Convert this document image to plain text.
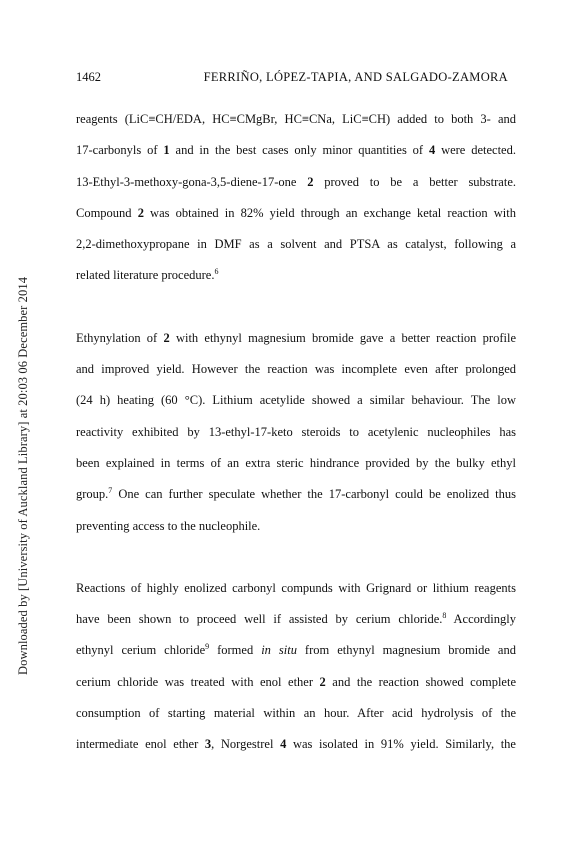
Downloaded by [University of Auckland Library] at 20:03 06 December 2014
1462	FERRIÑO, LÓPEZ-TAPIA, AND SALGADO-ZAMORA
reagents (LiC≡CH/EDA, HC≡CMgBr, HC≡CNa, LiC≡CH) added to both 3- and
17-carbonyls of 1 and in the best cases only minor quantities of 4 were detected.
13-Ethyl-3-methoxy-gona-3,5-diene-17-one 2 proved to be a better substrate.
Compound 2 was obtained in 82% yield through an exchange ketal reaction with
2,2-dimethoxypropane in DMF as a solvent and PTSA as catalyst, following a
related literature procedure.$^6$
Ethynylation of 2 with ethynyl magnesium bromide gave a better reaction profile
and improved yield. However the reaction was incomplete even after prolonged
(24 h) heating (60 °C). Lithium acetylide showed a similar behaviour. The low
reactivity exhibited by 13-ethyl-17-keto steroids to acetylenic nucleophiles has
been explained in terms of an extra steric hindrance provided by the bulky ethyl
group.$^7$ One can further speculate whether the 17-carbonyl could be enolized thus
preventing access to the nucleophile.
Reactions of highly enolized carbonyl compunds with Grignard or lithium reagents
have been shown to proceed well if assisted by cerium chloride.$^8$ Accordingly
ethynyl cerium chloride$^9$ formed in situ from ethynyl magnesium bromide and
cerium chloride was treated with enol ether 2 and the reaction showed complete
consumption of starting material within an hour. After acid hydrolysis of the
intermediate enol ether 3, Norgestrel 4 was isolated in 91% yield. Similarly, the
